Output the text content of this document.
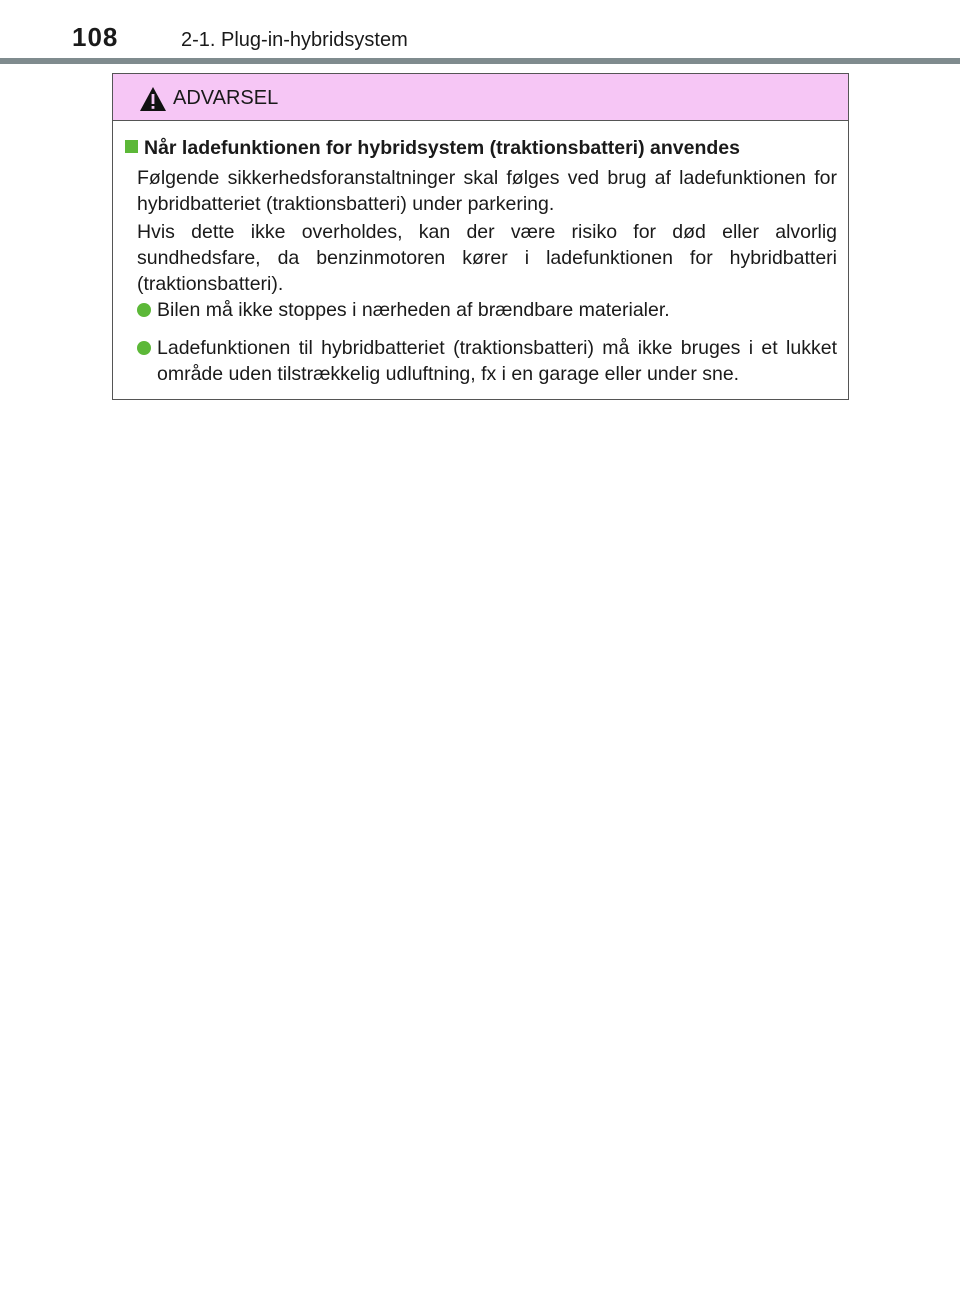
108	2-1. Plug-in-hybridsystem
ADVARSEL
Når ladefunktionen for hybridsystem (traktionsbatteri) anvendes
Følgende sikkerhedsforanstaltninger skal følges ved brug af ladefunktionen for hybridbatteriet (traktionsbatteri) under parkering.
Hvis dette ikke overholdes, kan der være risiko for død eller alvorlig sundhedsfare, da benzinmotoren kører i ladefunktionen for hybridbatteri (traktionsbatteri).
Bilen må ikke stoppes i nærheden af brændbare materialer.
Ladefunktionen til hybridbatteriet (traktionsbatteri) må ikke bruges i et lukket område uden tilstrækkelig udluftning, fx i en garage eller under sne.
